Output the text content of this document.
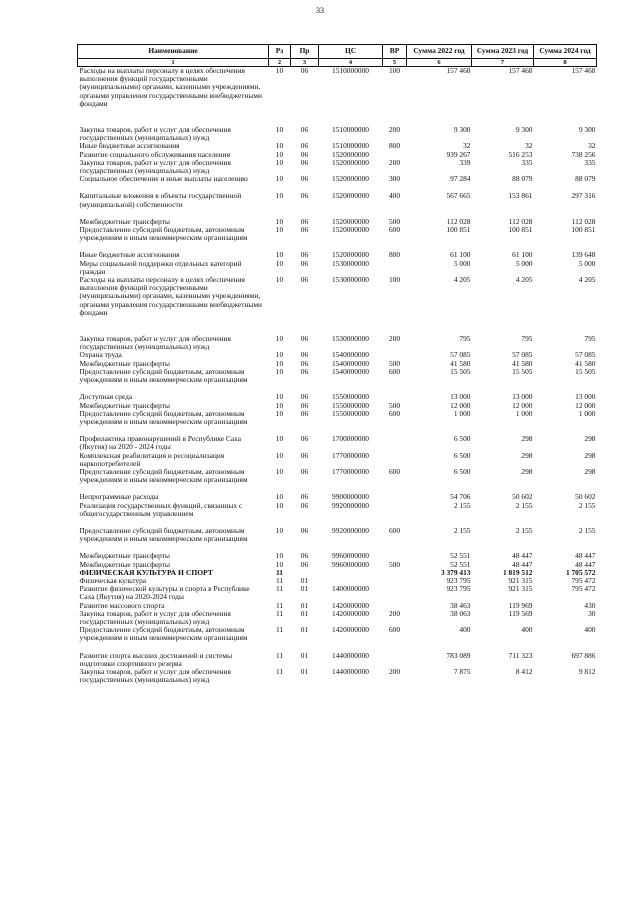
33
Наименование	Рз	Пр	ЦС	ВР	Сумма 2022 год	Сумма 2023 год	Сумма 2024 год
1	2	3	4	5	6	7	8
Расходы на выплаты персоналу в целях обеспечения выполнения функций государственными (муниципальными) органами, казенными учреждениями, органами управления государственными внебюджетными фондами	10	06	1510000000	100	157 468	157 468	157 468

Закупка товаров, работ и услуг для обеспечения государственных (муниципальных) нужд	10	06	1510000000	200	9 300	9 300	9 300
Иные бюджетные ассигнования	10	06	1510000000	800	32	32	32
Развитие социального обслуживания населения	10	06	1520000000		939 267	516 253	738 256
Закупка товаров, работ и услуг для обеспечения государственных (муниципальных) нужд	10	06	1520000000	200	339	335	335
Социальное обеспечение и иные выплаты населению	10	06	1520000000	300	97 284	88 079	88 079

Капитальные вложения в объекты государственной (муниципальной) собственности	10	06	1520000000	400	567 665	153 861	297 316

Межбюджетные трансферты	10	06	1520000000	500	112 028	112 028	112 028
Предоставление субсидий бюджетным, автономным учреждениям и иным некоммерческим организациям	10	06	1520000000	600	100 851	100 851	100 851

Иные бюджетные ассигнования	10	06	1520000000	800	61 100	61 100	139 648
Меры социальной поддержки отдельных категорий граждан	10	06	1530000000		5 000	5 000	5 000
Расходы на выплаты персоналу в целях обеспечения выполнения функций государственными (муниципальными) органами, казенными учреждениями, органами управления государственными внебюджетными фондами	10	06	1530000000	100	4 205	4 205	4 205

Закупка товаров, работ и услуг для обеспечения государственных (муниципальных) нужд	10	06	1530000000	200	795	795	795
Охрана труда	10	06	1540000000		57 085	57 085	57 085
Межбюджетные трансферты	10	06	1540000000	500	41 580	41 580	41 580
Предоставление субсидий бюджетным, автономным учреждениям и иным некоммерческим организациям	10	06	1540000000	600	15 505	15 505	15 505

Доступная среда	10	06	1550000000		13 000	13 000	13 000
Межбюджетные трансферты	10	06	1550000000	500	12 000	12 000	12 000
Предоставление субсидий бюджетным, автономным учреждениям и иным некоммерческим организациям	10	06	1550000000	600	1 000	1 000	1 000

Профилактика правонарушений в Республике Саха (Якутия) на 2020 - 2024 годы	10	06	1700000000		6 500	298	298
Комплексная реабилитация и ресоциализация наркопотребителей	10	06	1770000000		6 500	298	298
Предоставление субсидий бюджетным, автономным учреждениям и иным некоммерческим организациям	10	06	1770000000	600	6 500	298	298

Непрограммные расходы	10	06	9900000000		54 706	50 602	50 602
Реализация государственных функций, связанных с общегосударственным управлением	10	06	9920000000		2 155	2 155	2 155

Предоставление субсидий бюджетным, автономным учреждениям и иным некоммерческим организациям	10	06	9920000000	600	2 155	2 155	2 155

Межбюджетные трансферты	10	06	9960000000		52 551	48 447	48 447
Межбюджетные трансферты	10	06	9960000000	500	52 551	48 447	48 447
ФИЗИЧЕСКАЯ КУЛЬТУРА И СПОРТ	11				3 379 413	1 819 512	1 705 572
Физическая культура	11	01			923 795	921 315	795 472
Развитие физической культуры и спорта в Республике Саха (Якутия) на 2020-2024 годы	11	01	1400000000		923 795	921 315	795 472
Развитие массового спорта	11	01	1420000000		38 463	119 969	430
Закупка товаров, работ и услуг для обеспечения государственных (муниципальных) нужд	11	01	1420000000	200	38 063	119 569	30
Предоставление субсидий бюджетным, автономным учреждениям и иным некоммерческим организациям	11	01	1420000000	600	400	400	400

Развитие спорта высших достижений и системы подготовки спортивного резерва	11	01	1440000000		783 089	711 323	697 886
Закупка товаров, работ и услуг для обеспечения государственных (муниципальных) нужд	11	01	1440000000	200	7 875	8 412	9 812
